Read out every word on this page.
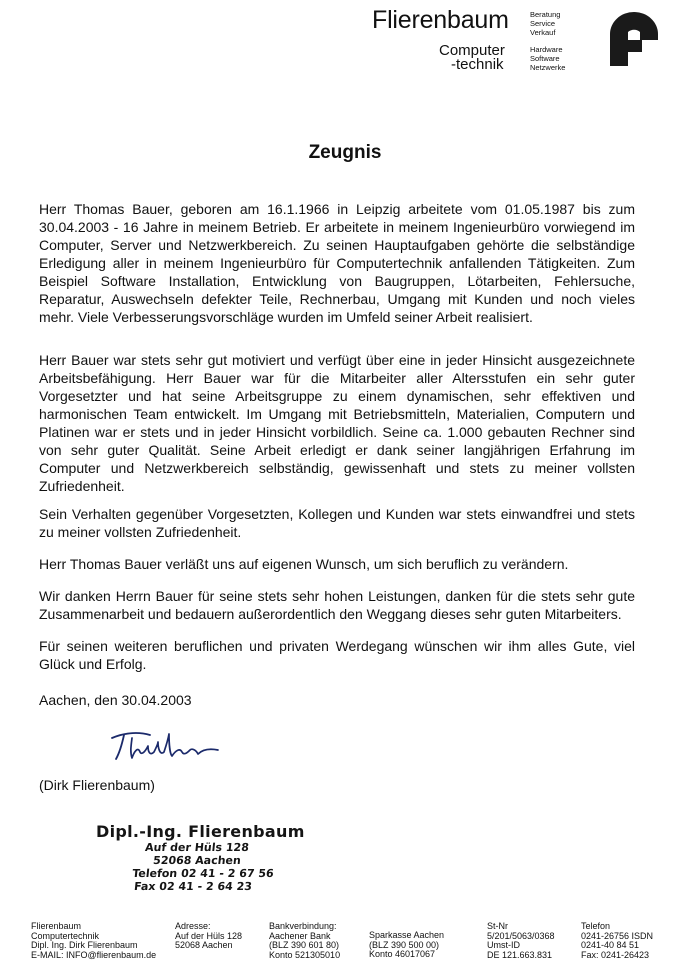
Flierenbaum
Computer
-technik
Beratung
Service
Verkauf
Hardware
Software
Netzwerke
Zeugnis

Herr Thomas Bauer, geboren am 16.1.1966 in Leipzig arbeitete vom 01.05.1987 bis zum 30.04.2003 - 16 Jahre in meinem Betrieb. Er arbeitete in meinem Ingenieurbüro vorwiegend im Computer, Server und Netzwerkbereich. Zu seinen Hauptaufgaben gehörte die selbständige Erledigung aller in meinem Ingenieurbüro für Computertechnik anfallenden Tätigkeiten. Zum Beispiel Software Installation, Entwicklung von Baugruppen, Lötarbeiten, Fehlersuche, Reparatur, Auswechseln defekter Teile, Rechnerbau, Umgang mit Kunden und noch vieles mehr. Viele Verbesserungsvorschläge wurden im Umfeld seiner Arbeit realisiert.

Herr Bauer war stets sehr gut motiviert und verfügt über eine in jeder Hinsicht ausgezeichnete Arbeitsbefähigung. Herr Bauer war für die Mitarbeiter aller Altersstufen ein sehr guter Vorgesetzter und hat seine Arbeitsgruppe zu einem dynamischen, sehr effektiven und harmonischen Team entwickelt. Im Umgang mit Betriebsmitteln, Materialien, Computern und Platinen war er stets und in jeder Hinsicht vorbildlich. Seine ca. 1.000 gebauten Rechner sind von sehr guter Qualität. Seine Arbeit erledigt er dank seiner langjährigen Erfahrung im Computer und Netzwerkbereich selbständig, gewissenhaft und stets zu meiner vollsten Zufriedenheit.

Sein Verhalten gegenüber Vorgesetzten, Kollegen und Kunden war stets einwandfrei und stets zu meiner vollsten Zufriedenheit.

Herr Thomas Bauer verläßt uns auf eigenen Wunsch, um sich beruflich zu verändern.

Wir danken Herrn Bauer für seine stets sehr hohen Leistungen, danken für die stets sehr gute Zusammenarbeit und bedauern außerordentlich den Weggang dieses sehr guten Mitarbeiters.

Für seinen weiteren beruflichen und privaten Werdegang wünschen wir ihm alles Gute, viel Glück und Erfolg.

Aachen, den 30.04.2003
(Dirk Flierenbaum)
Dipl.-Ing. Flierenbaum
Auf der Hüls 128
52068 Aachen
Telefon 02 41 - 2 67 56
Fax 02 41 - 2 64 23
Flierenbaum
Computertechnik
Dipl. Ing. Dirk Flierenbaum
E-MAIL: INFO@flierenbaum.de
Adresse:
Auf der Hüls 128
52068 Aachen
Bankverbindung:
Aachener Bank
(BLZ 390 601 80)
Konto 521305010
Sparkasse Aachen
(BLZ 390 500 00)
Konto 46017067
St-Nr
5/201/5063/0368
Umst-ID
DE 121.663.831
Telefon
0241-26756 ISDN
0241-40 84 51
Fax: 0241-26423
